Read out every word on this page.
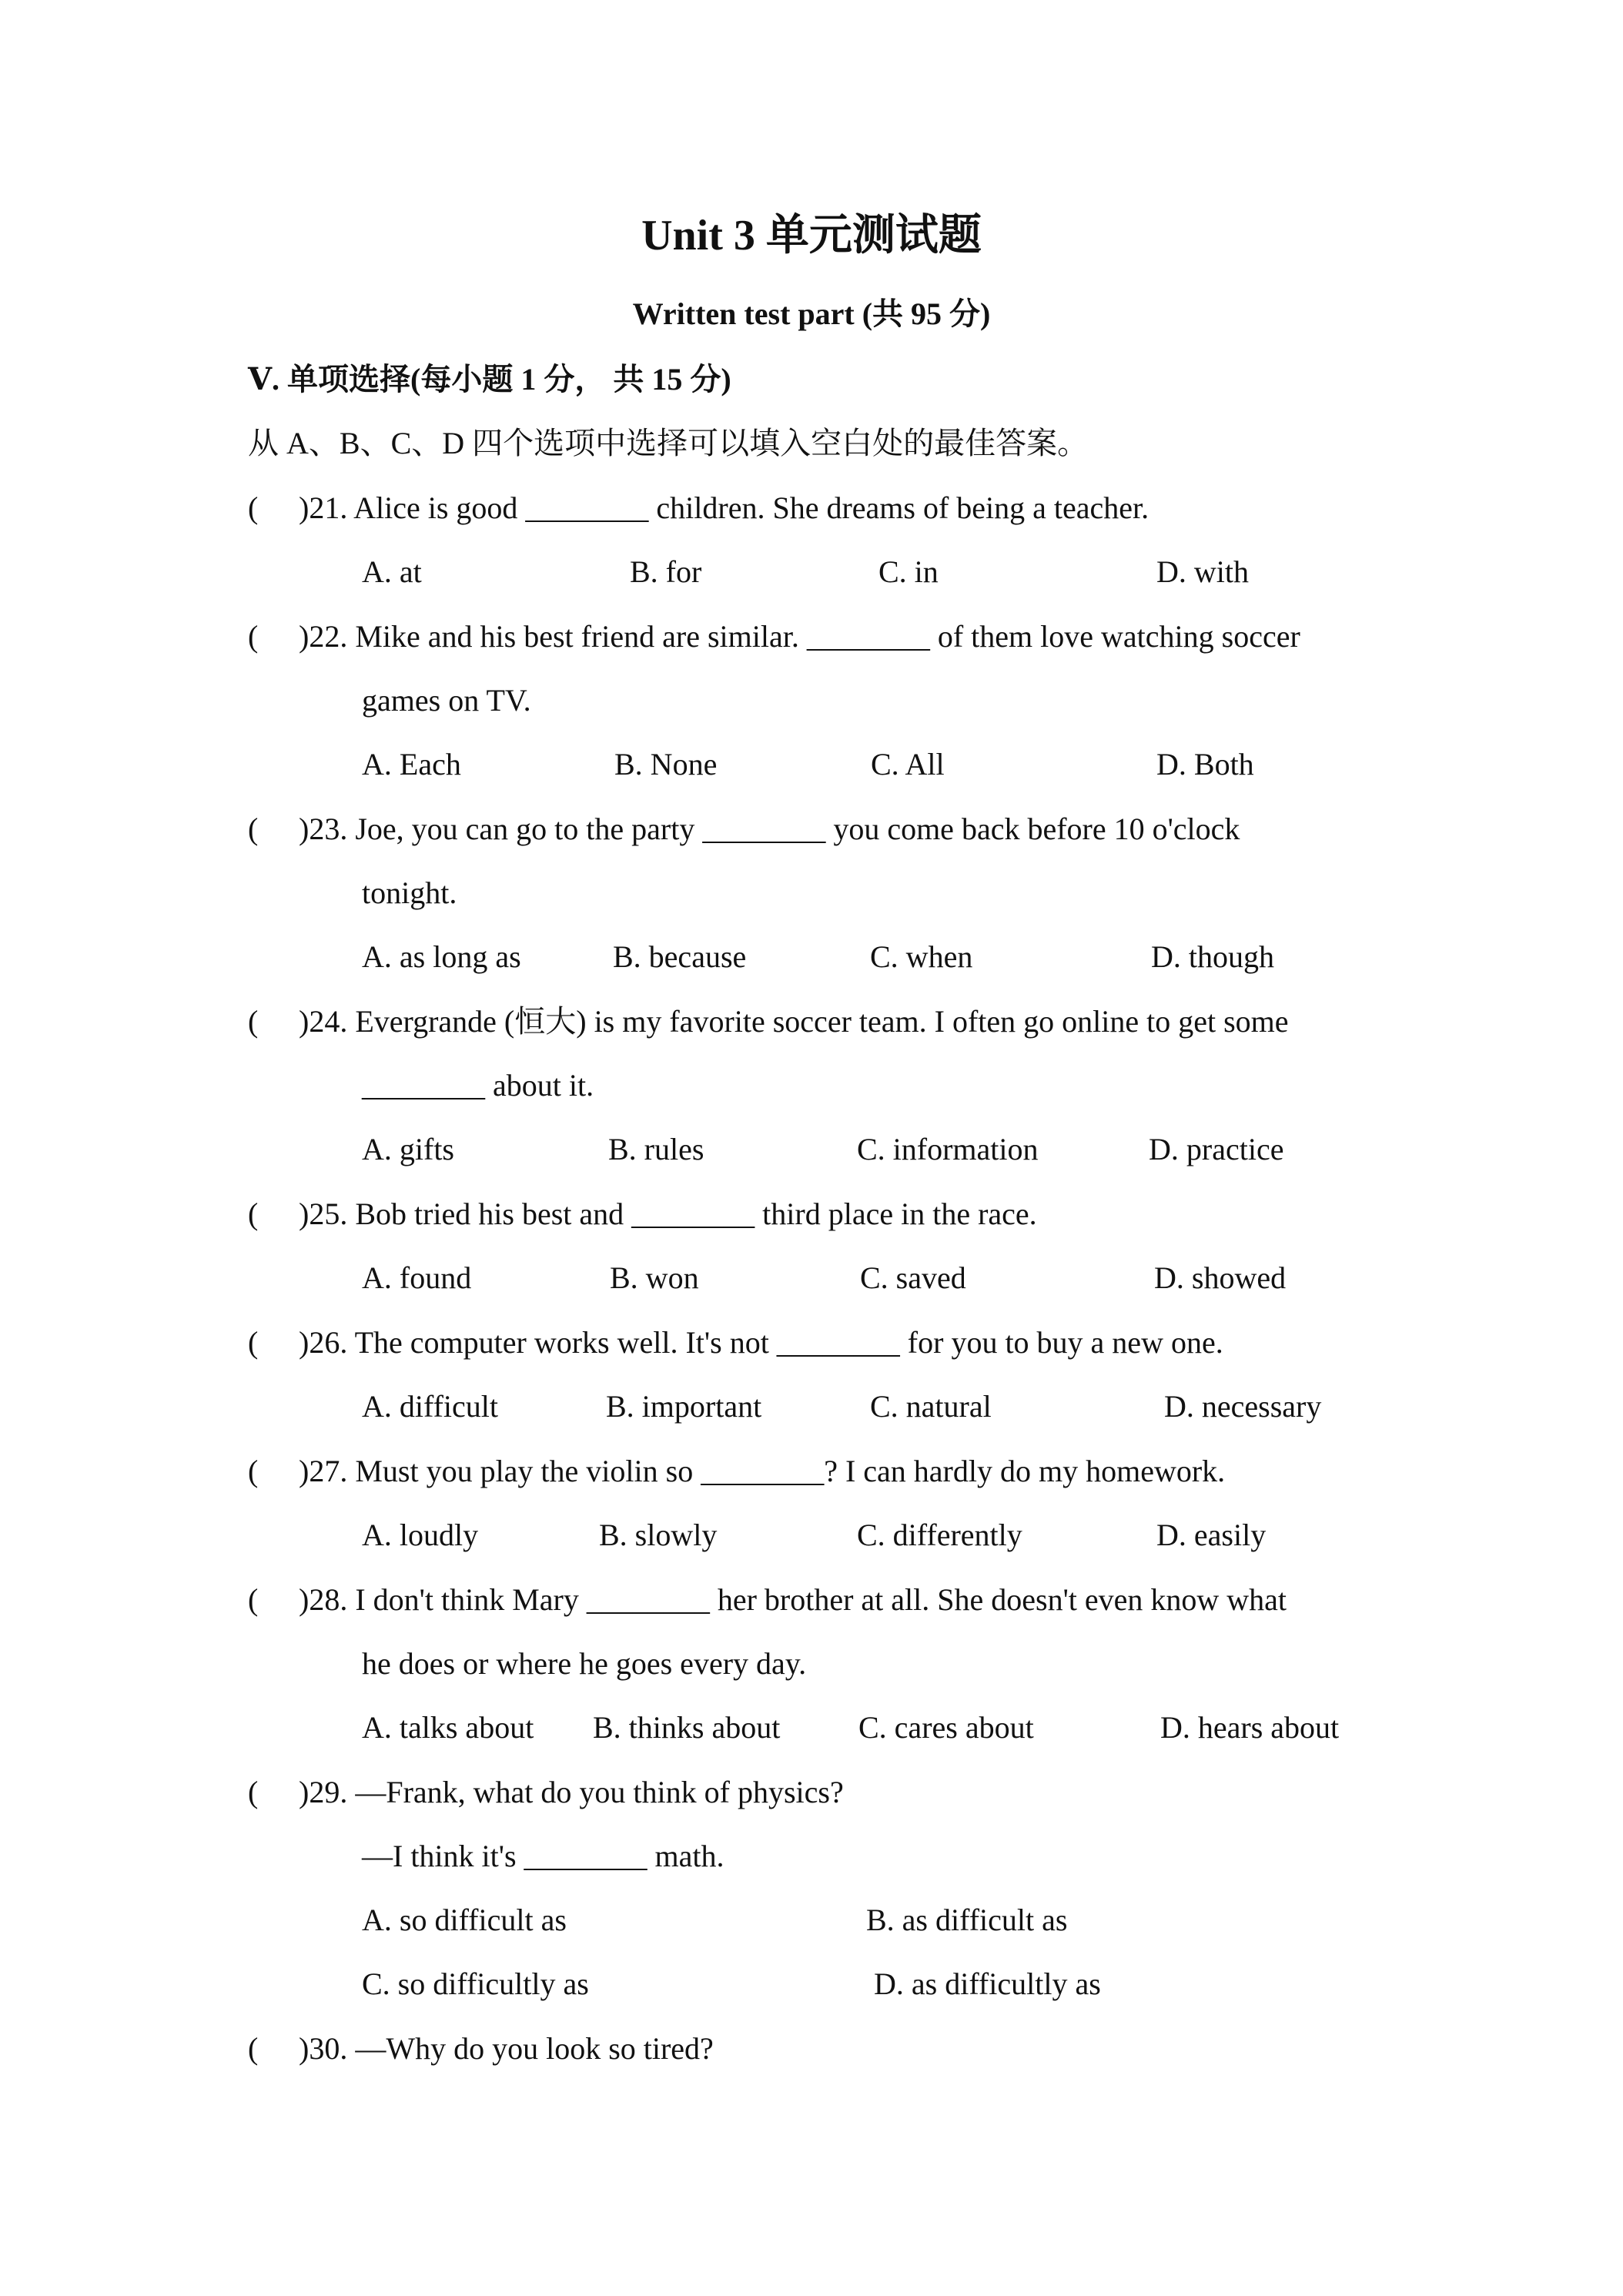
Unit 3 单元测试题
Written test part (共 95 分)
Ⅴ. 单项选择(每小题 1 分， 共 15 分)
从 A、B、C、D 四个选项中选择可以填入空白处的最佳答案。
( )21. Alice is good ________ children. She dreams of being a teacher.
A. at	B. for	C. in	D. with
( )22. Mike and his best friend are similar. ________ of them love watching soccer
games on TV.
A. Each	B. None	C. All	D. Both
( )23. Joe, you can go to the party ________ you come back before 10 o'clock
tonight.
A. as long as	B. because	C. when	D. though
( )24. Evergrande (恒大) is my favorite soccer team. I often go online to get some
________ about it.
A. gifts	B. rules	C. information	D. practice
( )25. Bob tried his best and ________ third place in the race.
A. found	B. won	C. saved	D. showed
( )26. The computer works well. It's not ________ for you to buy a new one.
A. difficult	B. important	C. natural	D. necessary
( )27. Must you play the violin so ________? I can hardly do my homework.
A. loudly	B. slowly	C. differently	D. easily
( )28. I don't think Mary ________ her brother at all. She doesn't even know what
he does or where he goes every day.
A. talks about B. thinks about	C. cares about	D. hears about
( )29. —Frank, what do you think of physics?
—I think it's ________ math.
A. so difficult as	B. as difficult as
C. so difficultly as	D. as difficultly as
( )30. —Why do you look so tired?
